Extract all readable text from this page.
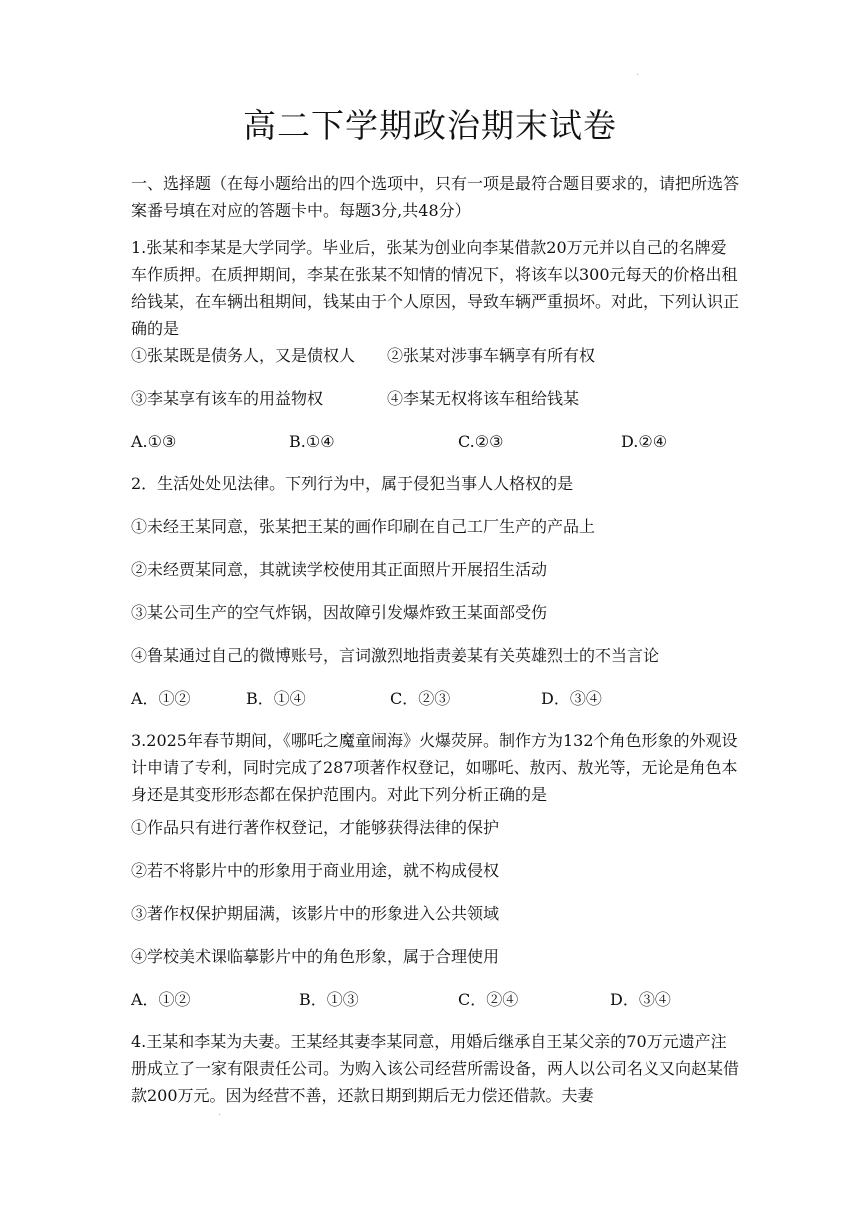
·
高二下学期政治期末试卷

一、选择题（在每小题给出的四个选项中，只有一项是最符合题目要求的，请把所选答案番号填在对应的答题卡中。每题3分,共48分）

1.张某和李某是大学同学。毕业后，张某为创业向李某借款20万元并以自己的名牌爱车作质押。在质押期间，李某在张某不知情的情况下，将该车以300元每天的价格出租给钱某，在车辆出租期间，钱某由于个人原因，导致车辆严重损坏。对此，下列认识正确的是

①张某既是债务人，又是债权人　　②张某对涉事车辆享有所有权
③李某享有该车的用益物权　　　　④李某无权将该车租给钱某
A.①③	B.①④	C.②③	D.②④
2．生活处处见法律。下列行为中，属于侵犯当事人人格权的是
①未经王某同意，张某把王某的画作印刷在自己工厂生产的产品上
②未经贾某同意，其就读学校使用其正面照片开展招生活动
③某公司生产的空气炸锅，因故障引发爆炸致王某面部受伤
④鲁某通过自己的微博账号，言词激烈地指责姜某有关英雄烈士的不当言论
A．①②	B．①④	C．②③	D．③④

3.2025年春节期间，《哪吒之魔童闹海》火爆荧屏。制作方为132个角色形象的外观设计申请了专利，同时完成了287项著作权登记，如哪吒、敖丙、敖光等，无论是角色本身还是其变形形态都在保护范围内。对此下列分析正确的是

①作品只有进行著作权登记，才能够获得法律的保护
②若不将影片中的形象用于商业用途，就不构成侵权
③著作权保护期届满，该影片中的形象进入公共领域
④学校美术课临摹影片中的角色形象，属于合理使用
A．①②	B．①③	C．②④	D．③④

4.王某和李某为夫妻。王某经其妻李某同意，用婚后继承自王某父亲的70万元遗产注册成立了一家有限责任公司。为购入该公司经营所需设备，两人以公司名义又向赵某借款200万元。因为经营不善，还款日期到期后无力偿还借款。夫妻

·
